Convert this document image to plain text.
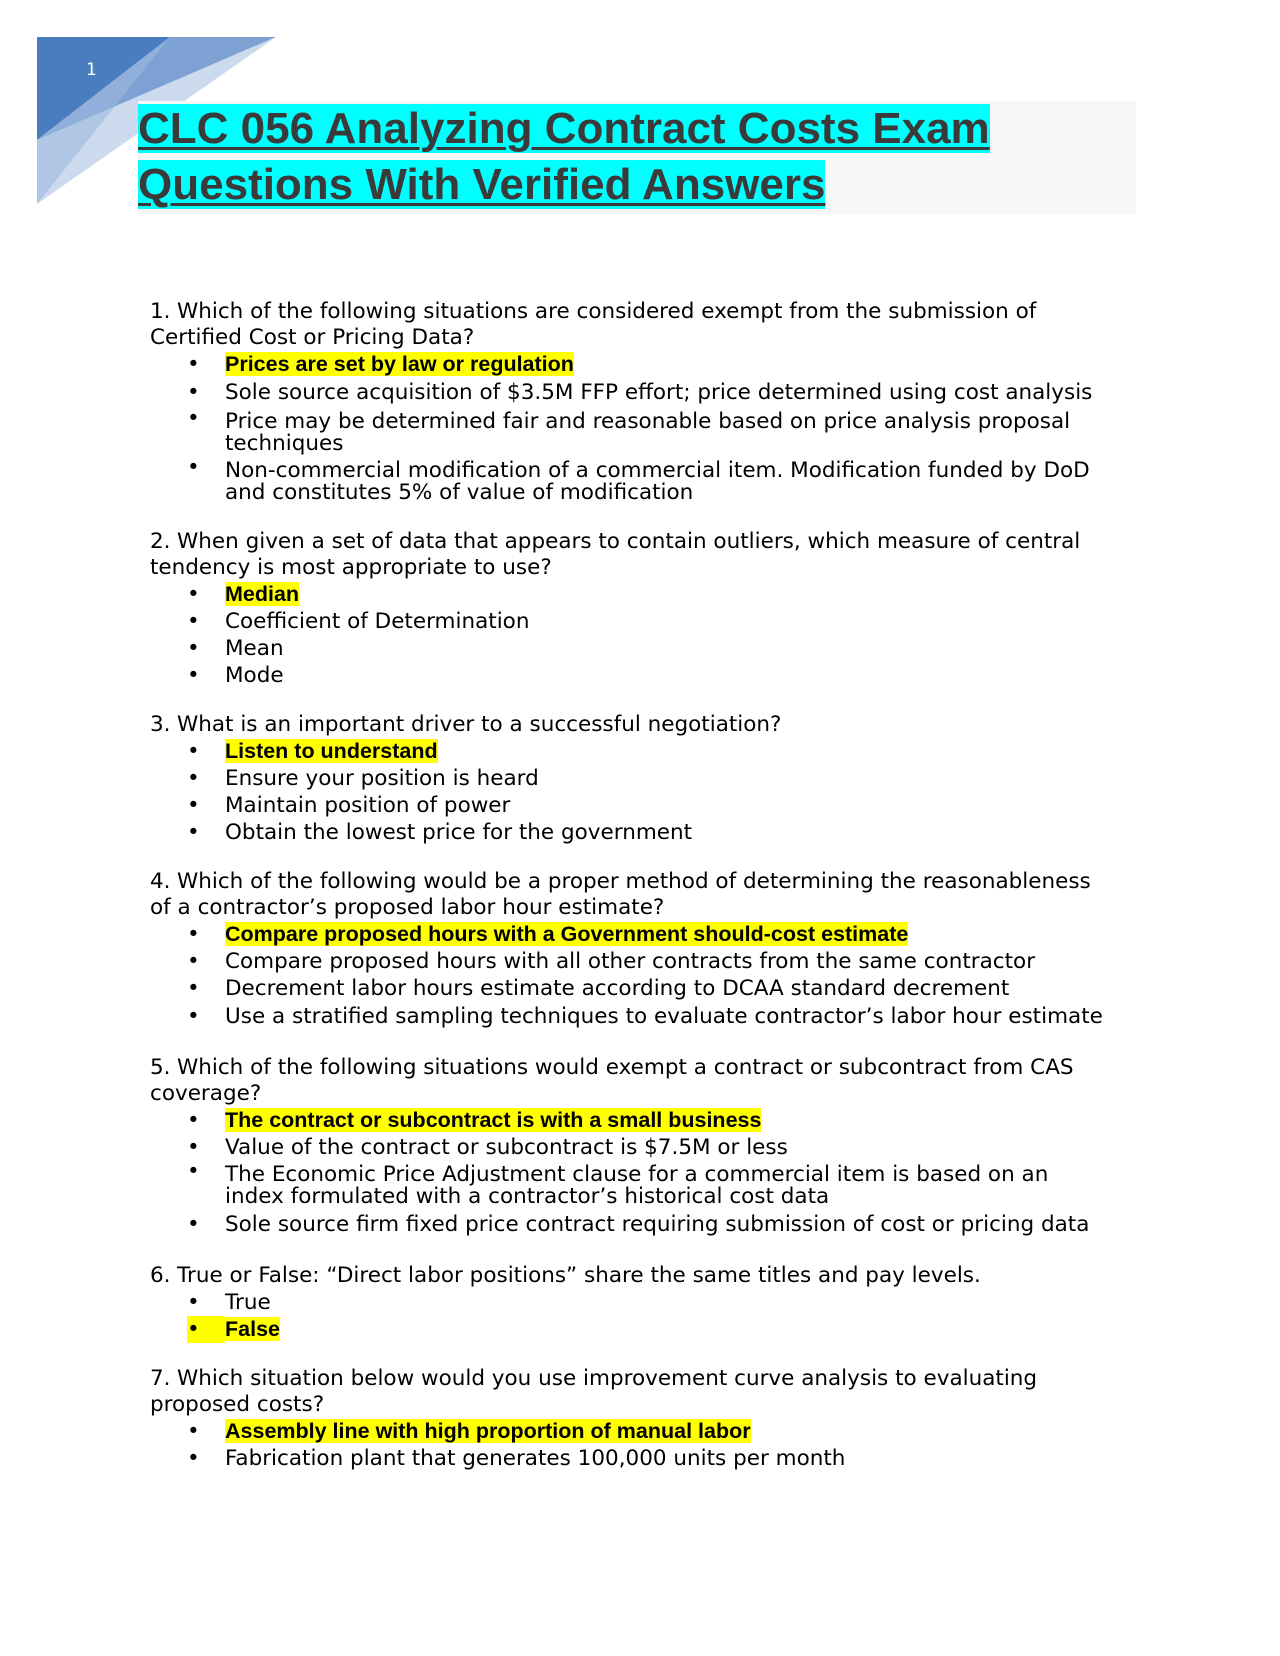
1
CLC 056 Analyzing Contract Costs Exam
Questions With Verified Answers

1. Which of the following situations are considered exempt from the submission of Certified Cost or Pricing Data?

•	Prices are set by law or regulation
•	Sole source acquisition of $3.5M FFP effort; price determined using cost analysis
•	Price may be determined fair and reasonable based on price analysis proposal techniques
•	Non-commercial modification of a commercial item. Modification funded by DoD and constitutes 5% of value of modification

2. When given a set of data that appears to contain outliers, which measure of central tendency is most appropriate to use?

•	Median
•	Coefficient of Determination
•	Mean
•	Mode

3. What is an important driver to a successful negotiation?

•	Listen to understand
•	Ensure your position is heard
•	Maintain position of power
•	Obtain the lowest price for the government

4. Which of the following would be a proper method of determining the reasonableness of a contractor’s proposed labor hour estimate?

•	Compare proposed hours with a Government should-cost estimate
•	Compare proposed hours with all other contracts from the same contractor
•	Decrement labor hours estimate according to DCAA standard decrement
•	Use a stratified sampling techniques to evaluate contractor’s labor hour estimate

5. Which of the following situations would exempt a contract or subcontract from CAS coverage?

•	The contract or subcontract is with a small business
•	Value of the contract or subcontract is $7.5M or less
•	The Economic Price Adjustment clause for a commercial item is based on an index formulated with a contractor’s historical cost data
•	Sole source firm fixed price contract requiring submission of cost or pricing data

6. True or False: “Direct labor positions” share the same titles and pay levels.

•	True
•	False

7. Which situation below would you use improvement curve analysis to evaluating proposed costs?

•	Assembly line with high proportion of manual labor
•	Fabrication plant that generates 100,000 units per month
